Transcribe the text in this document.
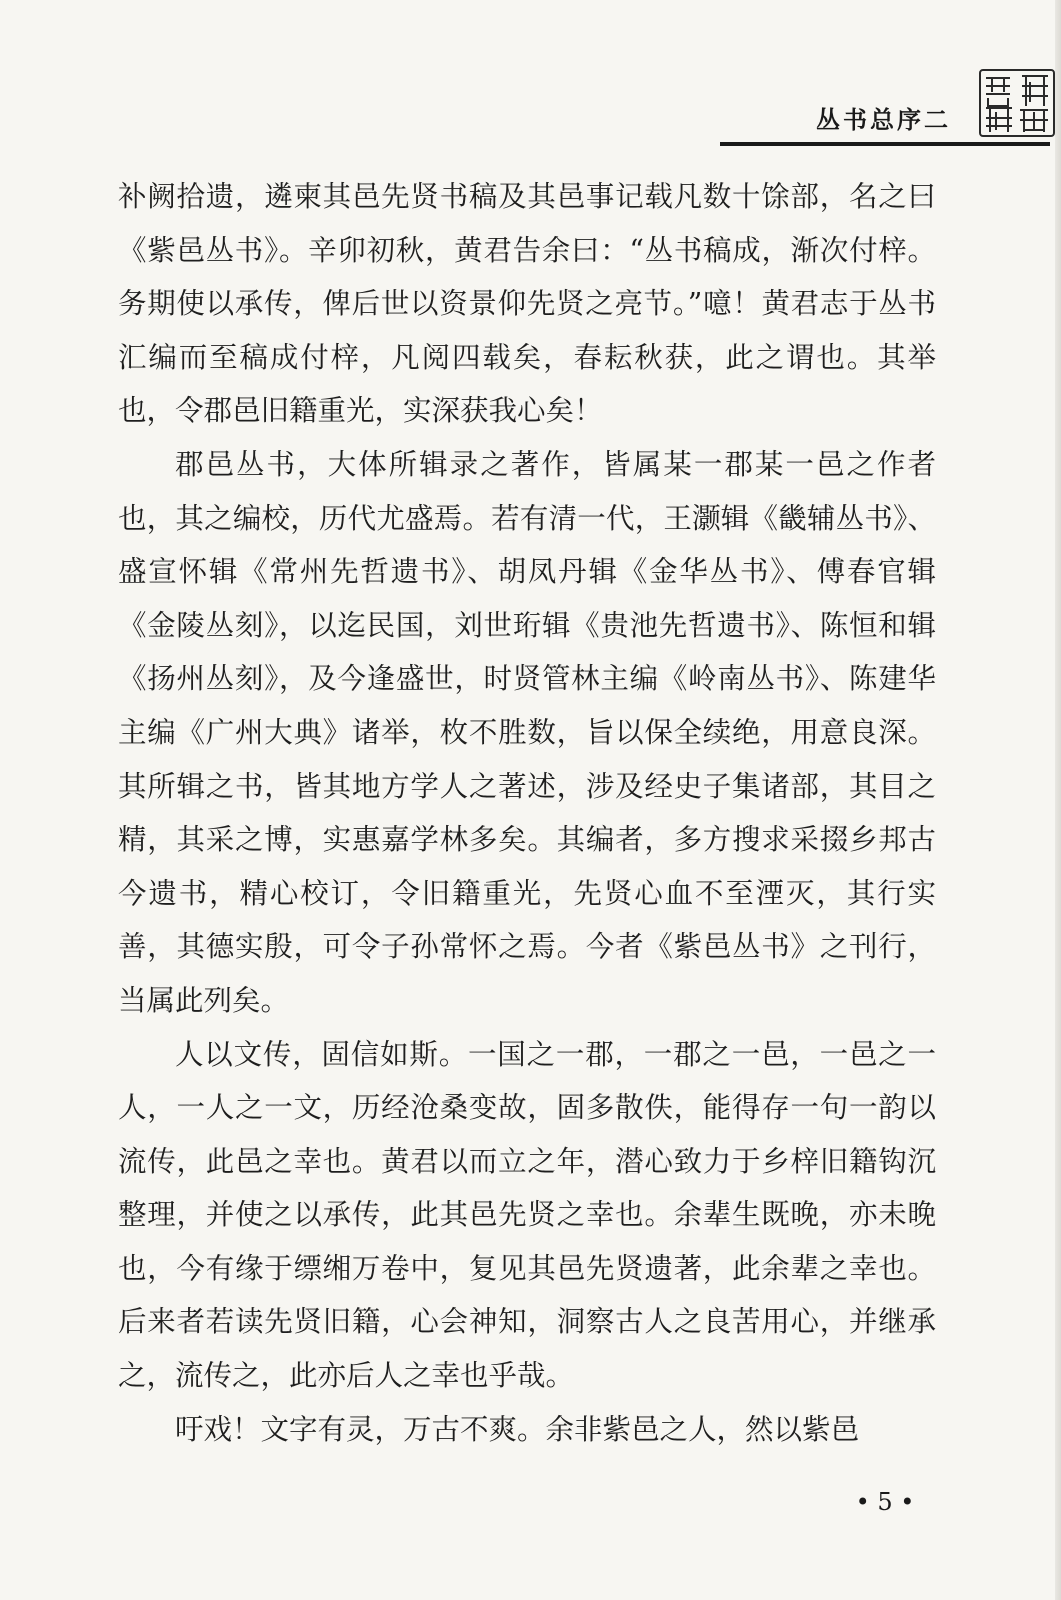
丛书总序二

补阙拾遗，遴柬其邑先贤书稿及其邑事记载凡数十馀部，名之曰《紫邑丛书》。辛卯初秋，黄君告余曰：“丛书稿成，渐次付梓。务期使以承传，俾后世以资景仰先贤之亮节。”噫！黄君志于丛书汇编而至稿成付梓，凡阅四载矣，春耘秋获，此之谓也。其举也，令郡邑旧籍重光，实深获我心矣！

郡邑丛书，大体所辑录之著作，皆属某一郡某一邑之作者也，其之编校，历代尤盛焉。若有清一代，王灏辑《畿辅丛书》、盛宣怀辑《常州先哲遗书》、胡凤丹辑《金华丛书》、傅春官辑《金陵丛刻》，以迄民国，刘世珩辑《贵池先哲遗书》、陈恒和辑《扬州丛刻》，及今逢盛世，时贤管林主编《岭南丛书》、陈建华主编《广州大典》诸举，枚不胜数，旨以保全续绝，用意良深。其所辑之书，皆其地方学人之著述，涉及经史子集诸部，其目之精，其采之博，实惠嘉学林多矣。其编者，多方搜求采掇乡邦古今遗书，精心校订，令旧籍重光，先贤心血不至湮灭，其行实善，其德实殷，可令子孙常怀之焉。今者《紫邑丛书》之刊行，当属此列矣。

人以文传，固信如斯。一国之一郡，一郡之一邑，一邑之一人，一人之一文，历经沧桑变故，固多散佚，能得存一句一韵以流传，此邑之幸也。黄君以而立之年，潜心致力于乡梓旧籍钩沉整理，并使之以承传，此其邑先贤之幸也。余辈生既晚，亦未晚也，今有缘于缥缃万卷中，复见其邑先贤遗著，此余辈之幸也。后来者若读先贤旧籍，心会神知，洞察古人之良苦用心，并继承之，流传之，此亦后人之幸也乎哉。

吁戏！文字有灵，万古不爽。余非紫邑之人，然以紫邑

• 5 •
